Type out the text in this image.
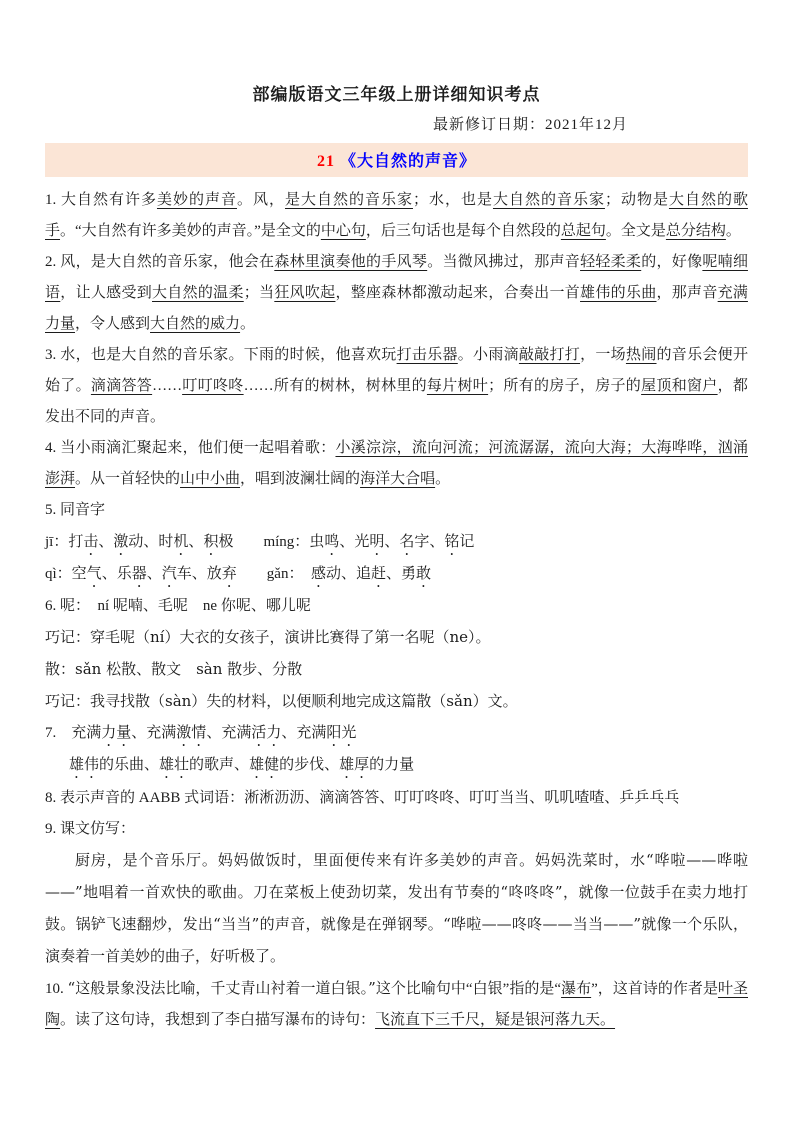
部编版语文三年级上册详细知识考点

最新修订日期：2021年12月
21 《大自然的声音》

1. 大自然有许多美妙的声音。风，是大自然的音乐家；水，也是大自然的音乐家；动物是大自然的歌手。“大自然有许多美妙的声音。”是全文的中心句，后三句话也是每个自然段的总起句。全文是总分结构。

2. 风，是大自然的音乐家，他会在森林里演奏他的手风琴。当微风拂过，那声音轻轻柔柔的，好像呢喃细语，让人感受到大自然的温柔；当狂风吹起，整座森林都激动起来，合奏出一首雄伟的乐曲，那声音充满力量，令人感到大自然的威力。

3. 水，也是大自然的音乐家。下雨的时候，他喜欢玩打击乐器。小雨滴敲敲打打，一场热闹的音乐会便开始了。滴滴答答……叮叮咚咚……所有的树林，树林里的每片树叶；所有的房子，房子的屋顶和窗户，都发出不同的声音。

4. 当小雨滴汇聚起来，他们便一起唱着歌：小溪淙淙，流向河流；河流潺潺，流向大海；大海哗哗，汹涌澎湃。从一首轻快的山中小曲，唱到波澜壮阔的海洋大合唱。

5. 同音字

jī：打击、激动、时机、积极　　míng：虫鸣、光明、名字、铭记

qì：空气、乐器、汽车、放弃　　gǎn：　感动、追赶、勇敢

6. 呢：　ní 呢喃、毛呢　ne 你呢、哪儿呢

巧记：穿毛呢（ní）大衣的女孩子，演讲比赛得了第一名呢（ne）。

散：sǎn 松散、散文　sàn 散步、分散

巧记：我寻找散（sàn）失的材料，以便顺利地完成这篇散（sǎn）文。

7.　充满力量、充满激情、充满活力、充满阳光

雄伟的乐曲、雄壮的歌声、雄健的步伐、雄厚的力量

8. 表示声音的 AABB 式词语：淅淅沥沥、滴滴答答、叮叮咚咚、叮叮当当、叽叽喳喳、乒乒乓乓

9. 课文仿写：

厨房，是个音乐厅。妈妈做饭时，里面便传来有许多美妙的声音。妈妈洗菜时，水“哗啦——哗啦——”地唱着一首欢快的歌曲。刀在菜板上使劲切菜，发出有节奏的“咚咚咚”，就像一位鼓手在卖力地打鼓。锅铲飞速翻炒，发出“当当”的声音，就像是在弹钢琴。“哗啦——咚咚——当当——”就像一个乐队，演奏着一首美妙的曲子，好听极了。

10. “这般景象没法比喻，千丈青山衬着一道白银。”这个比喻句中“白银”指的是“瀑布”，这首诗的作者是叶圣陶。读了这句诗，我想到了李白描写瀑布的诗句：飞流直下三千尺，疑是银河落九天。
